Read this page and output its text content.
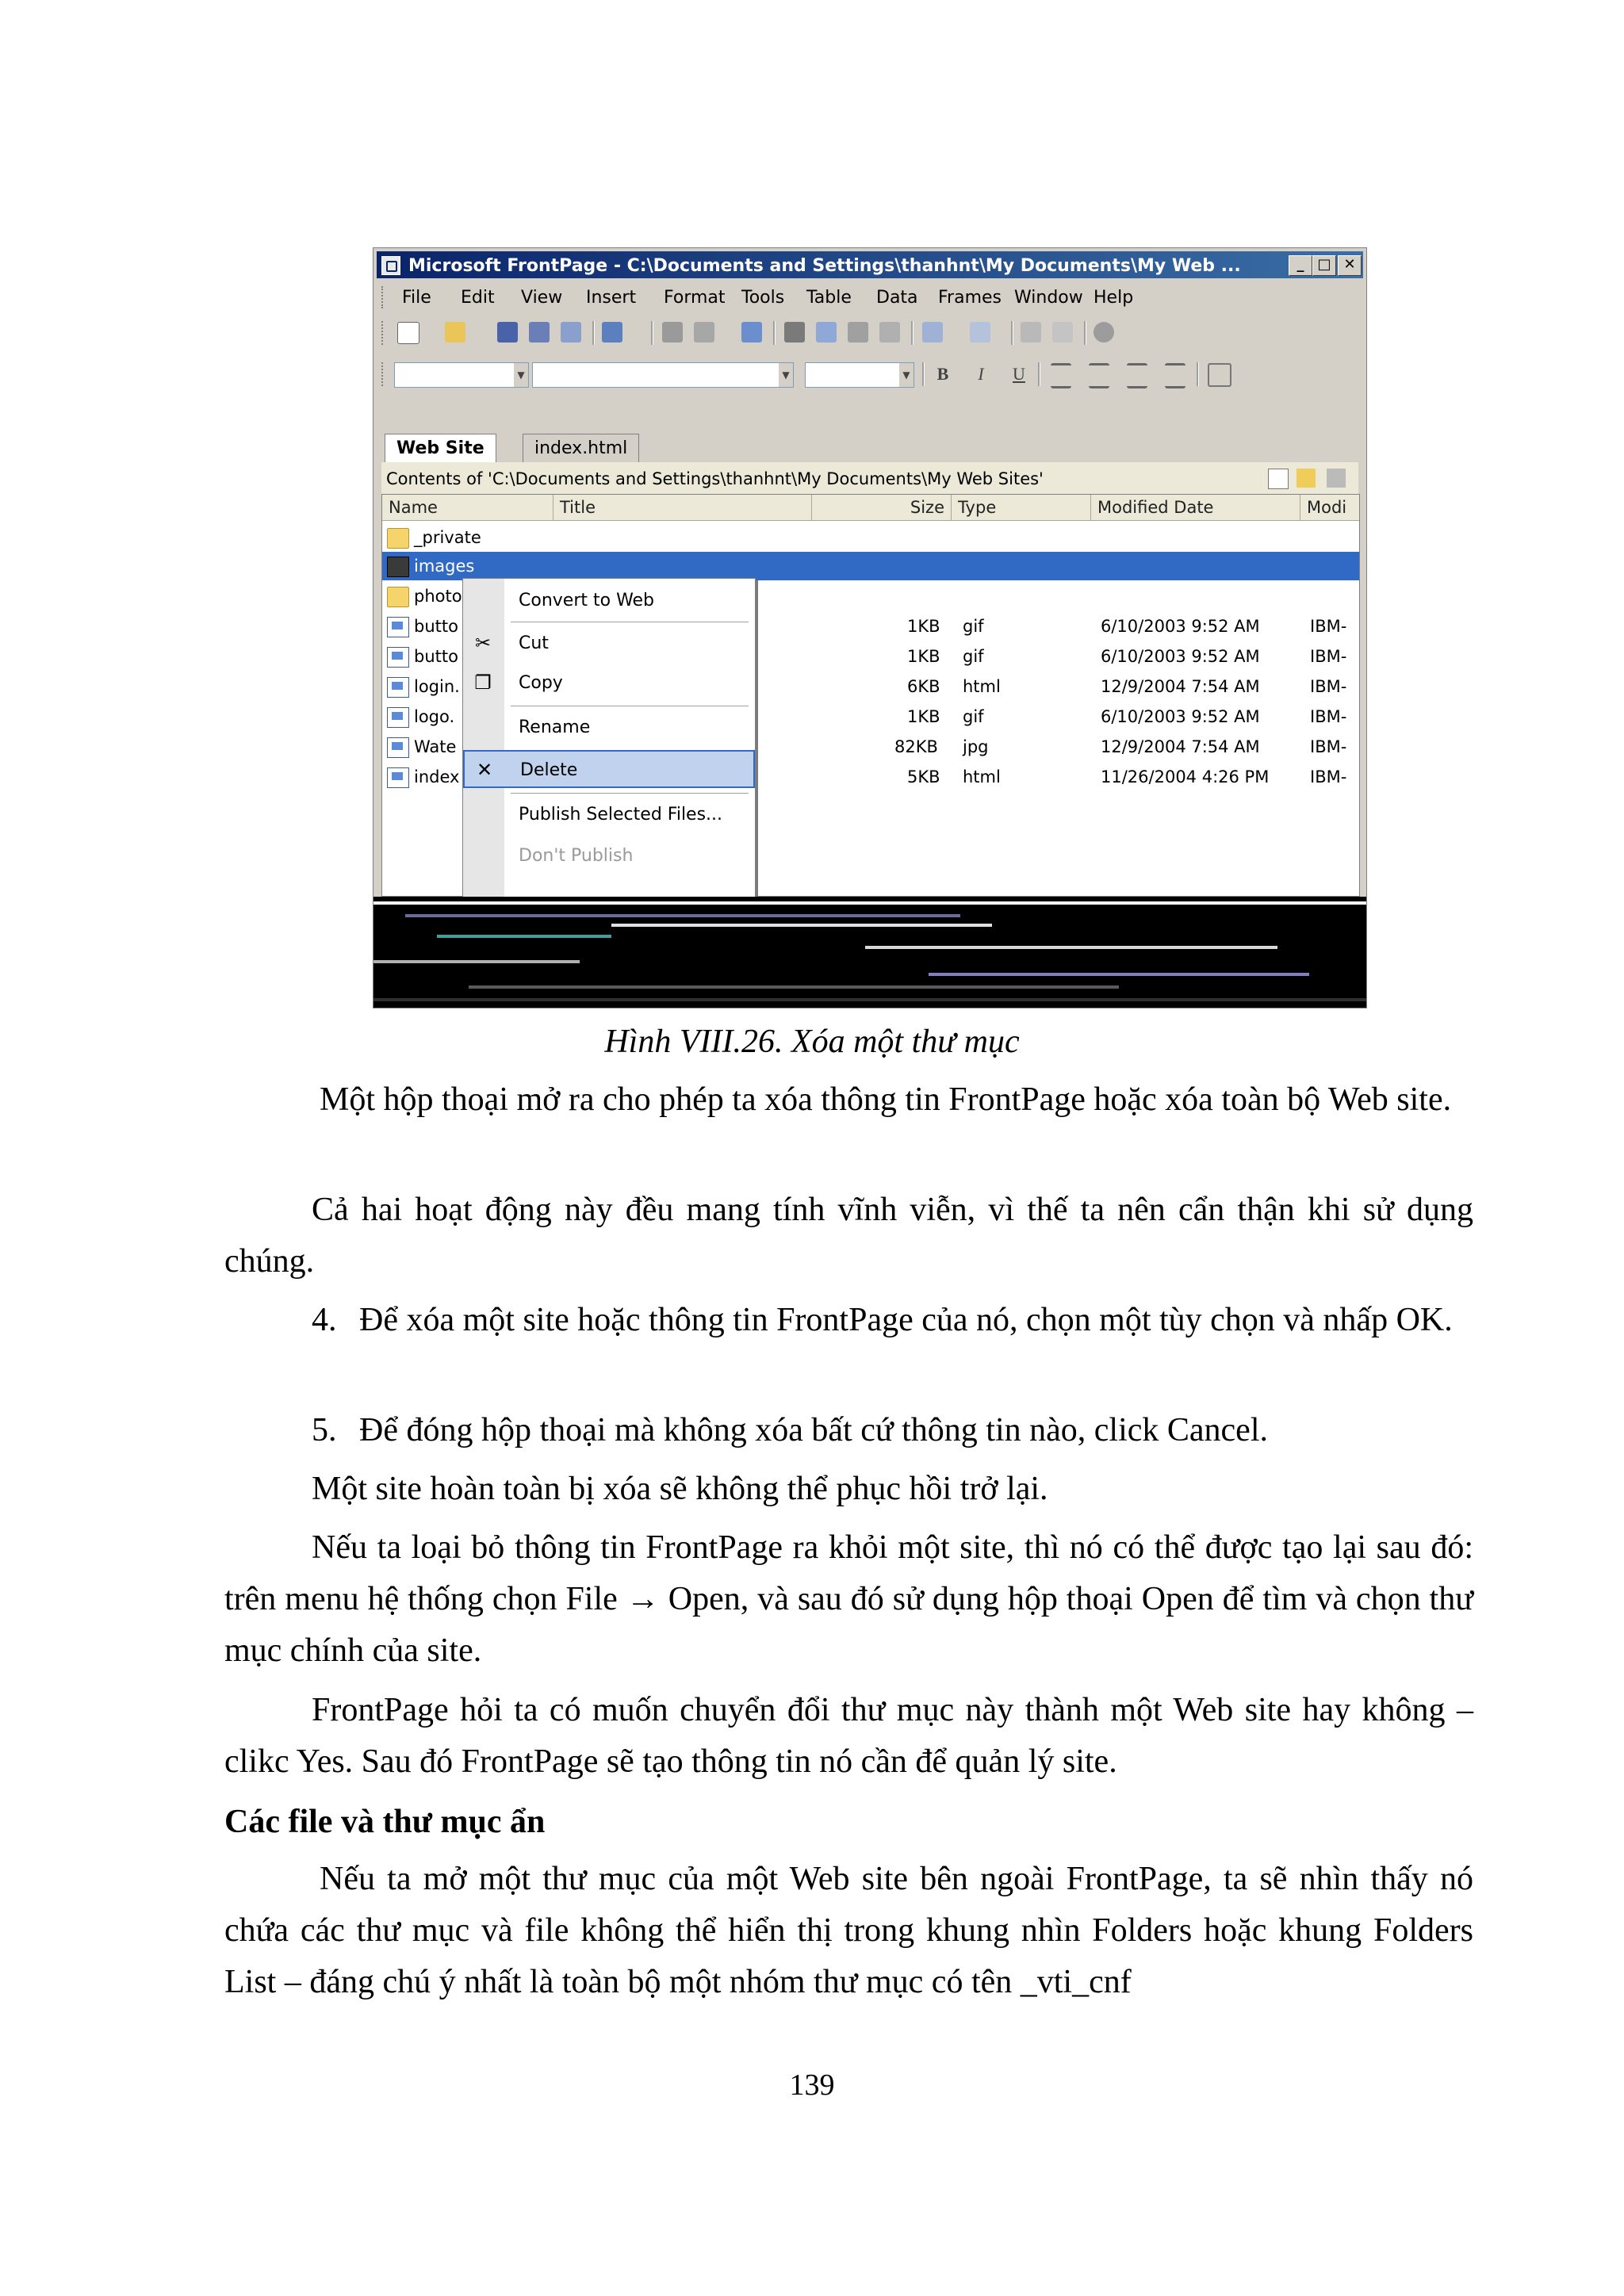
Microsoft FrontPage - C:\Documents and Settings\thanhnt\My Documents\My Web ...	_ □ ✕
File Edit View Insert Format Tools Table Data Frames Window Help
▼	▼	▼	B	I	U
Web Site	index.html
Contents of 'C:\Documents and Settings\thanhnt\My Documents\My Web Sites'
Name	Title	Size Type	Modified Date	Modi
_private
images
photo
butto	1KB gif	6/10/2003 9:52 AM	IBM-
butto	1KB gif	6/10/2003 9:52 AM	IBM-
login.	6KB html	12/9/2004 7:54 AM	IBM-
logo.	1KB gif	6/10/2003 9:52 AM	IBM-
Wate	82KB jpg	12/9/2004 7:54 AM	IBM-
index	5KB html	11/26/2004 4:26 PM IBM-
Convert to Web
✂ Cut
❐ Copy
Rename
✕ Delete
Publish Selected Files...
Don't Publish
Hình VIII.26. Xóa một thư mục
Một hộp thoại mở ra cho phép ta xóa thông tin FrontPage hoặc xóa toàn bộ Web site.
Cả hai hoạt động này đều mang tính vĩnh viễn, vì thế ta nên cẩn thận khi sử dụng chúng.
4. Để xóa một site hoặc thông tin FrontPage của nó, chọn một tùy chọn và nhấp OK.
5. Để đóng hộp thoại mà không xóa bất cứ thông tin nào, click Cancel.
Một site hoàn toàn bị xóa sẽ không thể phục hồi trở lại.
Nếu ta loại bỏ thông tin FrontPage ra khỏi một site, thì nó có thể được tạo lại sau đó: trên menu hệ thống chọn File → Open, và sau đó sử dụng hộp thoại Open để tìm và chọn thư mục chính của site.
FrontPage hỏi ta có muốn chuyển đổi thư mục này thành một Web site hay không – clikc Yes. Sau đó FrontPage sẽ tạo thông tin nó cần để quản lý site.
Các file và thư mục ẩn
Nếu ta mở một thư mục của một Web site bên ngoài FrontPage, ta sẽ nhìn thấy nó chứa các thư mục và file không thể hiển thị trong khung nhìn Folders hoặc khung Folders List – đáng chú ý nhất là toàn bộ một nhóm thư mục có tên _vti_cnf
139
